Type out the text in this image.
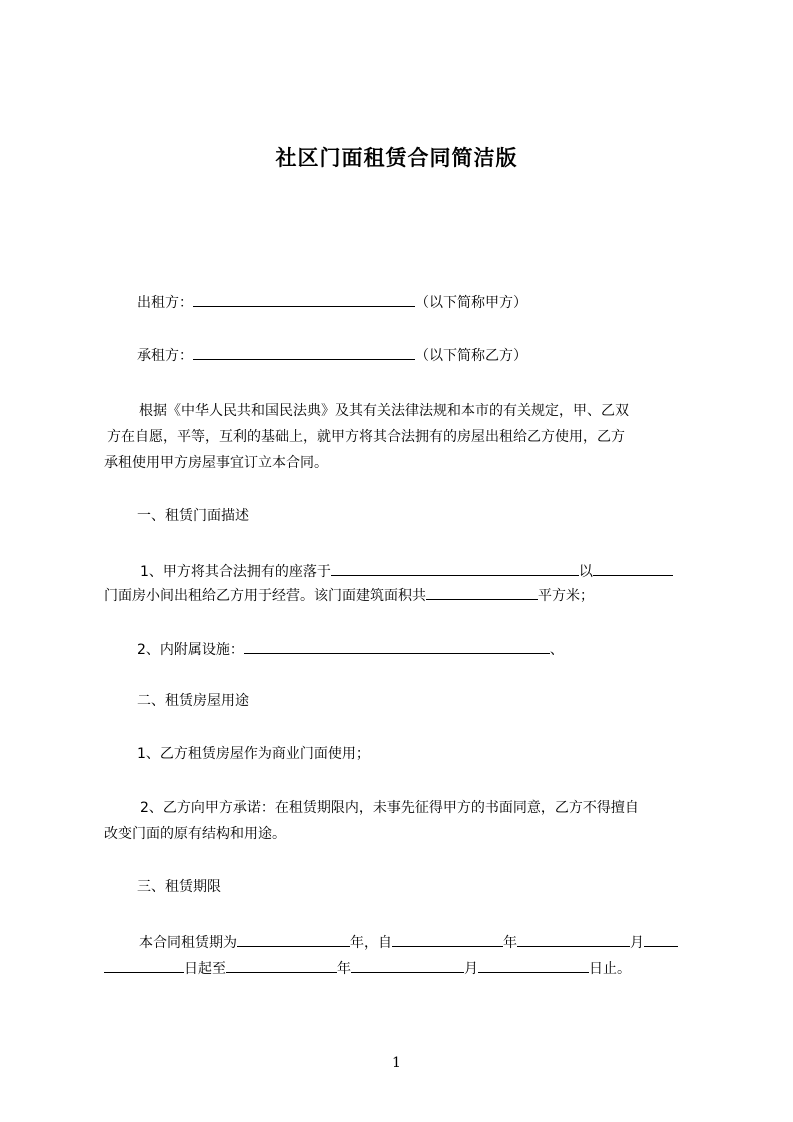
社区门面租赁合同简洁版
出租方：	（以下简称甲方）
承租方：	（以下简称乙方）
根据《中华人民共和国民法典》及其有关法律法规和本市的有关规定，甲、乙双
方在自愿，平等，互利的基础上，就甲方将其合法拥有的房屋出租给乙方使用，乙方
承租使用甲方房屋事宜订立本合同。
一、租赁门面描述
1、甲方将其合法拥有的座落于	以
门面房小间出租给乙方用于经营。该门面建筑面积共	平方米；
2、内附属设施：	、
二、租赁房屋用途
1、乙方租赁房屋作为商业门面使用；
2、乙方向甲方承诺：在租赁期限内，未事先征得甲方的书面同意，乙方不得擅自
改变门面的原有结构和用途。
三、租赁期限
本合同租赁期为	年，自	年	月
日起至	年	月	日止。
1
